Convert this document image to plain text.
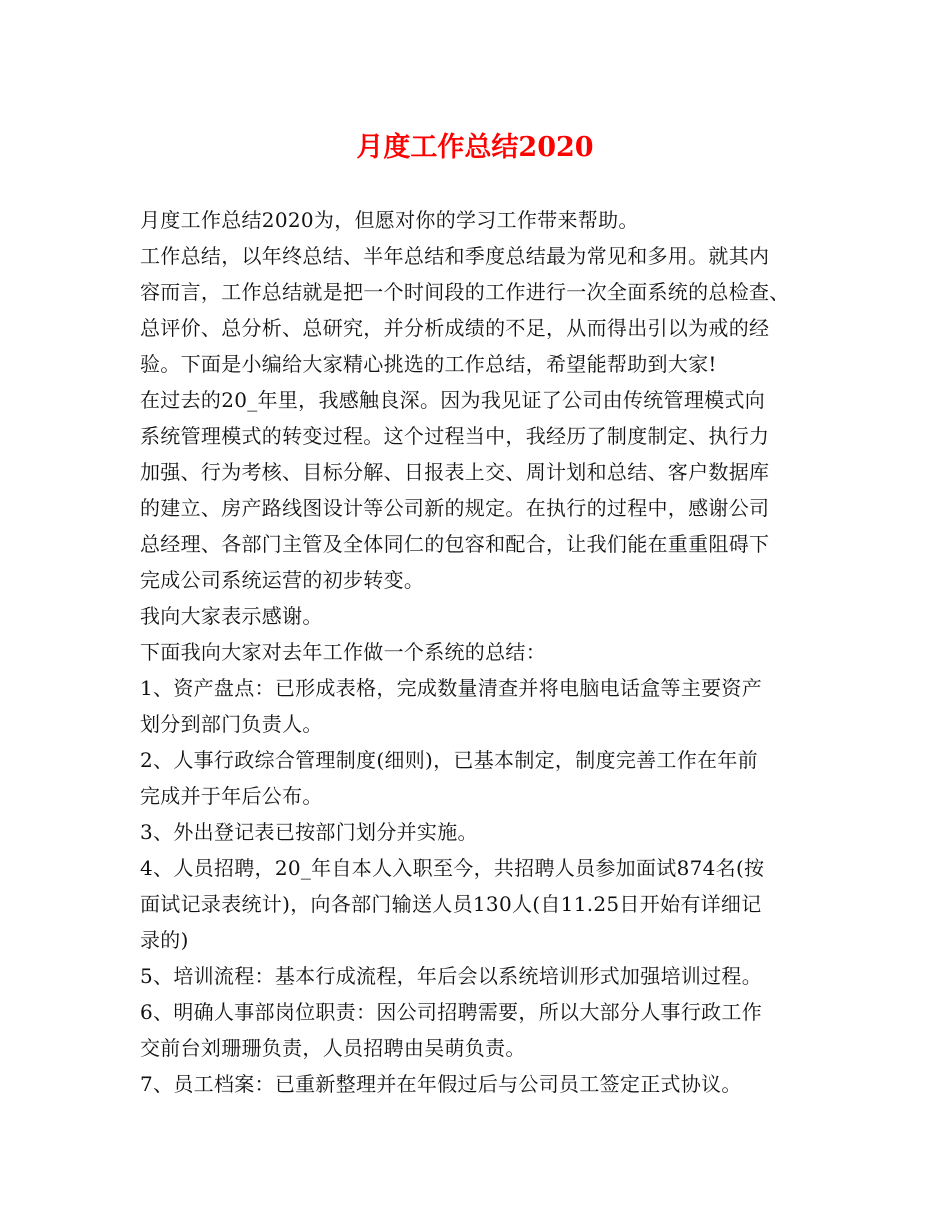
月度工作总结2020
月度工作总结2020为，但愿对你的学习工作带来帮助。
工作总结，以年终总结、半年总结和季度总结最为常见和多用。就其内
容而言，工作总结就是把一个时间段的工作进行一次全面系统的总检查、
总评价、总分析、总研究，并分析成绩的不足，从而得出引以为戒的经
验。下面是小编给大家精心挑选的工作总结，希望能帮助到大家!
在过去的20_年里，我感触良深。因为我见证了公司由传统管理模式向
系统管理模式的转变过程。这个过程当中，我经历了制度制定、执行力
加强、行为考核、目标分解、日报表上交、周计划和总结、客户数据库
的建立、房产路线图设计等公司新的规定。在执行的过程中，感谢公司
总经理、各部门主管及全体同仁的包容和配合，让我们能在重重阻碍下
完成公司系统运营的初步转变。
我向大家表示感谢。
下面我向大家对去年工作做一个系统的总结：
1、资产盘点：已形成表格，完成数量清查并将电脑电话盒等主要资产
划分到部门负责人。
2、人事行政综合管理制度(细则)，已基本制定，制度完善工作在年前
完成并于年后公布。
3、外出登记表已按部门划分并实施。
4、人员招聘，20_年自本人入职至今，共招聘人员参加面试874名(按
面试记录表统计)，向各部门输送人员130人(自11.25日开始有详细记
录的)
5、培训流程：基本行成流程，年后会以系统培训形式加强培训过程。
6、明确人事部岗位职责：因公司招聘需要，所以大部分人事行政工作
交前台刘珊珊负责，人员招聘由吴萌负责。
7、员工档案：已重新整理并在年假过后与公司员工签定正式协议。
